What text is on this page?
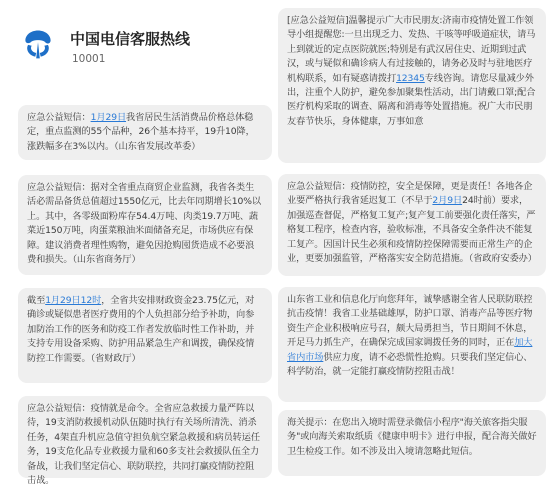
中国电信客服热线
10001

应急公益短信：1月29日我省居民生活消费品价格总体稳定，重点监测的55个品种，26个基本持平，19升10降，涨跌幅多在3%以内。（山东省发展改革委）

应急公益短信：据对全省重点商贸企业监测，我省各类生活必需品备货总值超过1550亿元，比去年同期增长10%以上。其中，各零级面粉库存54.4万吨、肉类19.7万吨、蔬菜近150万吨，肉蛋菜粮油米面储备充足，市场供应有保障。建议消费者理性购物，避免因抢购囤货造成不必要浪费和损失。（山东省商务厅）

截至1月29日12时，全省共安排财政资金23.75亿元，对确诊或疑似患者医疗费用的个人负担部分给予补助，向参加防治工作的医务和防疫工作者发放临时性工作补助，并支持专用设备采购、防护用品紧急生产和调拨，确保疫情防控工作需要。（省财政厅）

应急公益短信：疫情就是命令。全省应急救援力量严阵以待，19支消防救援机动队伍随时执行有关场所清洗、消杀任务，4架直升机应急值守担负航空紧急救援和病员转运任务，19支危化品专业救援力量和60多支社会救援队伍全力备战，让我们坚定信心、联防联控，共同打赢疫情防控阻击战。

[应急公益短信]温馨提示广大市民朋友:济南市疫情处置工作领导小组提醒您:一旦出现乏力、发热、干咳等呼吸道症状，请马上到就近的定点医院就医;特别是有武汉居住史、近期到过武汉，或与疑似和确诊病人有过接触的，请务必及时与驻地医疗机构联系，如有疑惑请拨打12345专线咨询。请您尽量减少外出，注重个人防护，避免参加聚集性活动，出门请戴口罩;配合医疗机构采取的调查、隔离和消毒等处置措施。祝广大市民朋友春节快乐，身体健康，万事如意

应急公益短信：疫情防控，安全是保障，更是责任！各地各企业要严格执行我省延迟复工（不早于2月9日24时前）要求，加强巡查督促，严格复工复产;复产复工前要强化责任落实，严格复工程序，检查内容，验收标准，不具备安全条件决不能复工复产。因国计民生必须和疫情防控保障需要而正常生产的企业，更要加强监管，严格落实安全防范措施。（省政府安委办）

山东省工业和信息化厅向您拜年，诚挚感谢全省人民联防联控抗击疫情！我省工业基础雄厚，防护口罩、消毒产品等医疗物资生产企业积极响应号召，颇大局勇担当，节日期间不休息，开足马力抓生产，在确保完成国家调拨任务的同时，正在加大省内市场供应力度，请不必恐慌性抢购。只要我们坚定信心、科学防治，就一定能打赢疫情防控阻击战！

海关提示：在您出入境时需登录微信小程序"海关旅客指尖服务"或向海关索取纸质《健康申明卡》进行申报，配合海关做好卫生检疫工作。如不涉及出入境请忽略此短信。
